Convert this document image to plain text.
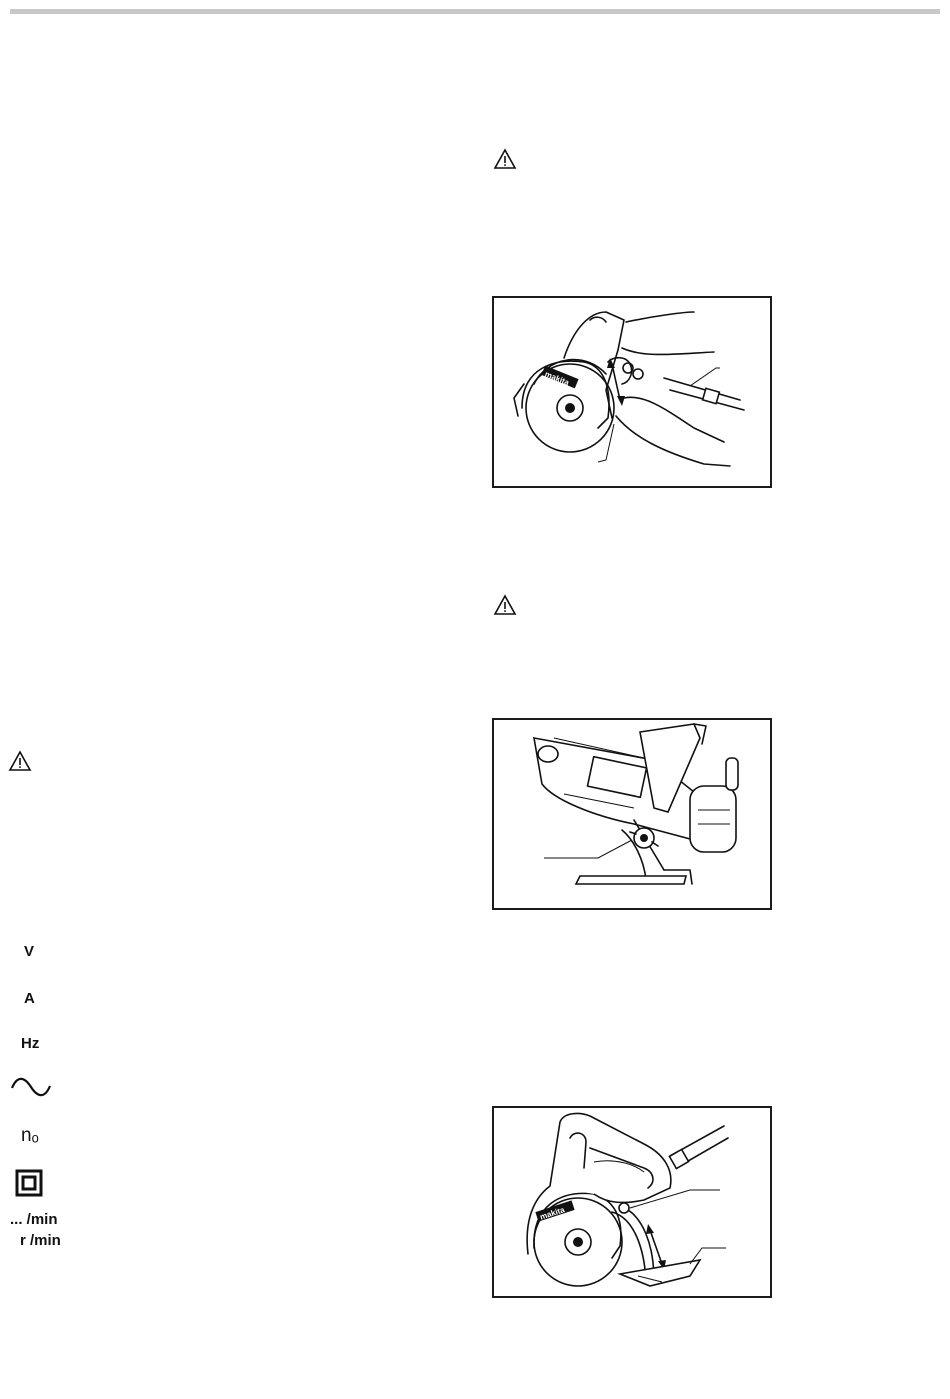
V
A
Hz
nₒ
... /min
r /min
makita
makita
